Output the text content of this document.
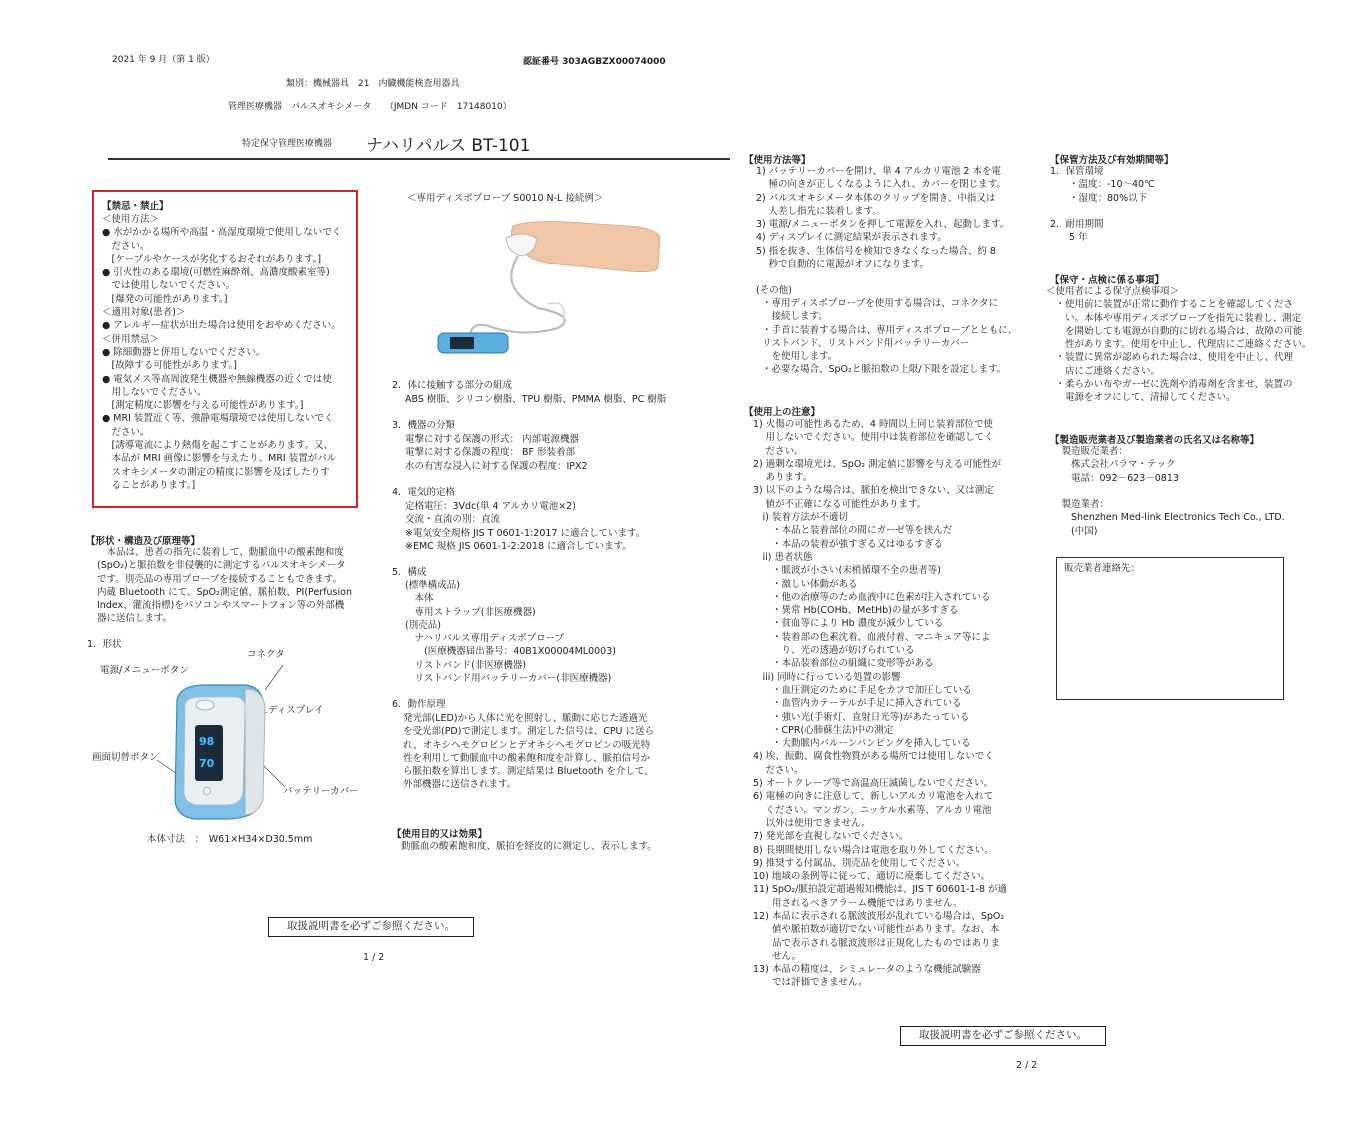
2021 年 9 月（第 1 版）	認証番号 303AGBZX00074000
類別：機械器具　21　内臓機能検査用器具
管理医療機器　パルスオキシメータ　　（JMDN コード　17148010）
特定保守管理医療機器 ナハリパルス BT-101
【禁忌・禁止】
＜使用方法＞
● 水がかかる場所や高温・高湿度環境で使用しないでく
　ださい。
　[ケーブルやケースが劣化するおそれがあります。]
● 引火性のある環境(可燃性麻酔剤、高濃度酸素室等)
　では使用しないでください。
　[爆発の可能性があります。]
＜適用対象(患者)＞
● アレルギー症状が出た場合は使用をおやめください。
＜併用禁忌＞
● 除細動器と併用しないでください。
　[故障する可能性があります。]
● 電気メス等高周波発生機器や無線機器の近くでは使
　用しないでください。
　[測定精度に影響を与える可能性があります。]
● MRI 装置近く等、強静電場環境では使用しないでく
　ださい。
　[誘導電流により熱傷を起こすことがあります。又、
　本品が MRI 画像に影響を与えたり、MRI 装置がパル
　スオキシメータの測定の精度に影響を及ぼしたりす
　ることがあります。]
【形状・構造及び原理等】
　本品は、患者の指先に装着して、動脈血中の酸素飽和度
(SpO₂)と脈拍数を非侵襲的に測定するパルスオキシメータ
です。別売品の専用プローブを接続することもできます。
内蔵 Bluetooth にて、SpO₂測定値、脈拍数、PI(Perfusion
Index、灌流指標)をパソコンやスマートフォン等の外部機
器に送信します。
1．形状
98
70
コネクタ
電源/メニューボタン
ディスプレイ
画面切替ボタン
バッテリーカバー
本体寸法　：　W61×H34×D30.5mm
＜専用ディスポプローブ S0010 N-L 接続例＞
2．体に接触する部分の組成
ABS 樹脂、シリコン樹脂、TPU 樹脂、PMMA 樹脂、PC 樹脂
3．機器の分類
電撃に対する保護の形式： 内部電源機器
電撃に対する保護の程度： BF 形装着部
水の有害な浸入に対する保護の程度：IPX2
4．電気的定格
定格電圧：3Vdc(単 4 アルカリ電池×2)
交流・直流の別：直流
※電気安全規格 JIS T 0601-1:2017 に適合しています。
※EMC 規格 JIS 0601-1-2:2018 に適合しています。
5．構成
(標準構成品)
　本体
　専用ストラップ(非医療機器)
(別売品)
　ナハリパルス専用ディスポプローブ
　　(医療機器届出番号：40B1X00004ML0003)
　リストバンド(非医療機器)
　リストバンド用バッテリーカバー(非医療機器)
6．動作原理
発光部(LED)から人体に光を照射し、脈動に応じた透過光
を受光部(PD)で測定します。測定した信号は、CPU に送ら
れ、オキシヘモグロビンとデオキシヘモグロビンの吸光特
性を利用して動脈血中の酸素飽和度を計算し、脈拍信号か
ら脈拍数を算出します。測定結果は Bluetooth を介して、
外部機器に送信されます。
【使用目的又は効果】
動脈血の酸素飽和度、脈拍を経皮的に測定し、表示します。
取扱説明書を必ずご参照ください。
1 / 2
【使用方法等】
1) バッテリーカバーを開け、単 4 アルカリ電池 2 本を電
　 極の向きが正しくなるように入れ、カバーを閉じます。
2) パルスオキシメータ本体のクリップを開き、中指又は
　 人差し指先に装着します。
3) 電源/メニューボタンを押して電源を入れ、起動します。
4) ディスプレイに測定結果が表示されます。
5) 指を抜き、生体信号を検知できなくなった場合、約 8
　 秒で自動的に電源がオフになります。
(その他)
・専用ディスポプローブを使用する場合は、コネクタに
　接続します。
・手首に装着する場合は、専用ディスポプローブとともに、リストバンド、リストバンド用バッテリーカバー
　を使用します。
・必要な場合、SpO₂と脈拍数の上限/下限を設定します。
【使用上の注意】
1) 火傷の可能性あるため、4 時間以上同じ装着部位で使
　 用しないでください。使用中は装着部位を確認してく
　 ださい。
2) 過剰な環境光は、SpO₂ 測定値に影響を与える可能性が
　 あります。
3) 以下のような場合は、脈拍を検出できない、又は測定
　 値が不正確になる可能性があります。
　i) 装着方法が不適切
　　・本品と装着部位の間にガーゼ等を挟んだ
　　・本品の装着が強すぎる又はゆるすぎる
　ii) 患者状態
　　・脈波が小さい(末梢循環不全の患者等)
　　・激しい体動がある
　　・他の治療等のため血液中に色素が注入されている
　　・異常 Hb(COHb、MetHb)の量が多すぎる
　　・貧血等により Hb 濃度が減少している
　　・装着部の色素沈着、血液付着、マニキュア等によ
　　　り、光の透過が妨げられている
　　・本品装着部位の組織に変形等がある
　iii) 同時に行っている処置の影響
　　・血圧測定のために手足をカフで加圧している
　　・血管内カテーテルが手足に挿入されている
　　・強い光(手術灯、直射日光等)があたっている
　　・CPR(心肺蘇生法)中の測定
　　・大動脈内バルーンパンピングを挿入している
4) 埃、振動、腐食性物質がある場所では使用しないでく
　 ださい。
5) オートクレーブ等で高温高圧滅菌しないでください。
6) 電極の向きに注意して、新しいアルカリ電池を入れて
　 ください。マンガン、ニッケル水素等、アルカリ電池
　 以外は使用できません。
7) 発光部を直視しないでください。
8) 長期間使用しない場合は電池を取り外してください。
9) 推奨する付属品、別売品を使用してください。
10) 地域の条例等に従って、適切に廃棄してください。
11) SpO₂/脈拍設定超過報知機能は、JIS T 60601-1-8 が適
　　用されるべきアラーム機能ではありません。
12) 本品に表示される脈波波形が乱れている場合は、SpO₂
　　値や脈拍数が適切でない可能性があります。なお、本
　　品で表示される脈波波形は正規化したものではありま
　　せん。
13) 本品の精度は、シミュレータのような機能試験器
　　では評価できません。
取扱説明書を必ずご参照ください。
2 / 2
【保管方法及び有効期間等】
1．保管環境
　　・温度：-10～40℃
　　・湿度：80%以下

2．耐用期間
　　5 年
【保守・点検に係る事項】
＜使用者による保守点検事項＞
　・使用前に装置が正常に動作することを確認してくださ
　　い。本体や専用ディスポプローブを指先に装着し、測定
　　を開始しても電源が自動的に切れる場合は、故障の可能
　　性があります。使用を中止し、代理店にご連絡ください。
　・装置に異常が認められた場合は、使用を中止し、代理
　　店にご連絡ください。
　・柔らかい布やガーゼに洗剤や消毒剤を含ませ、装置の
　　電源をオフにして、清掃してください。
【製造販売業者及び製造業者の氏名又は名称等】
　製造販売業者：
　　株式会社パラマ・テック
　　電話：092－623－0813

　製造業者：
　　Shenzhen Med-link Electronics Tech Co., LTD.
　　(中国)
販売業者連絡先：
